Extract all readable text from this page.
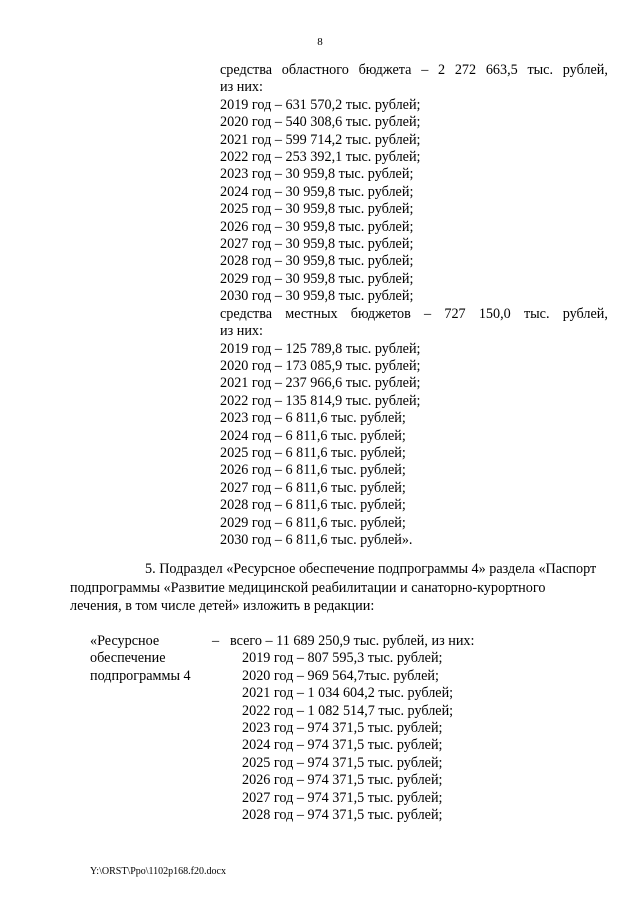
8
средства областного бюджета – 2 272 663,5 тыс. рублей,
из них:
2019 год – 631 570,2 тыс. рублей;
2020 год – 540 308,6 тыс. рублей;
2021 год – 599 714,2 тыс. рублей;
2022 год – 253 392,1 тыс. рублей;
2023 год – 30 959,8 тыс. рублей;
2024 год – 30 959,8 тыс. рублей;
2025 год – 30 959,8 тыс. рублей;
2026 год – 30 959,8 тыс. рублей;
2027 год – 30 959,8 тыс. рублей;
2028 год – 30 959,8 тыс. рублей;
2029 год – 30 959,8 тыс. рублей;
2030 год – 30 959,8 тыс. рублей;
средства местных бюджетов – 727 150,0 тыс. рублей,
из них:
2019 год – 125 789,8 тыс. рублей;
2020 год – 173 085,9 тыс. рублей;
2021 год – 237 966,6 тыс. рублей;
2022 год – 135 814,9 тыс. рублей;
2023 год – 6 811,6 тыс. рублей;
2024 год – 6 811,6 тыс. рублей;
2025 год – 6 811,6 тыс. рублей;
2026 год – 6 811,6 тыс. рублей;
2027 год – 6 811,6 тыс. рублей;
2028 год – 6 811,6 тыс. рублей;
2029 год – 6 811,6 тыс. рублей;
2030 год – 6 811,6 тыс. рублей».
5. Подраздел «Ресурсное обеспечение подпрограммы 4» раздела «Паспорт
подпрограммы «Развитие медицинской реабилитации и санаторно-курортного
лечения, в том числе детей» изложить в редакции:
«Ресурсное
обеспечение
подпрограммы 4
– всего – 11 689 250,9 тыс. рублей, из них:
2019 год – 807 595,3 тыс. рублей;
2020 год – 969 564,7тыс. рублей;
2021 год – 1 034 604,2 тыс. рублей;
2022 год – 1 082 514,7 тыс. рублей;
2023 год – 974 371,5 тыс. рублей;
2024 год – 974 371,5 тыс. рублей;
2025 год – 974 371,5 тыс. рублей;
2026 год – 974 371,5 тыс. рублей;
2027 год – 974 371,5 тыс. рублей;
2028 год – 974 371,5 тыс. рублей;
Y:\ORST\Ppo\1102p168.f20.docx
